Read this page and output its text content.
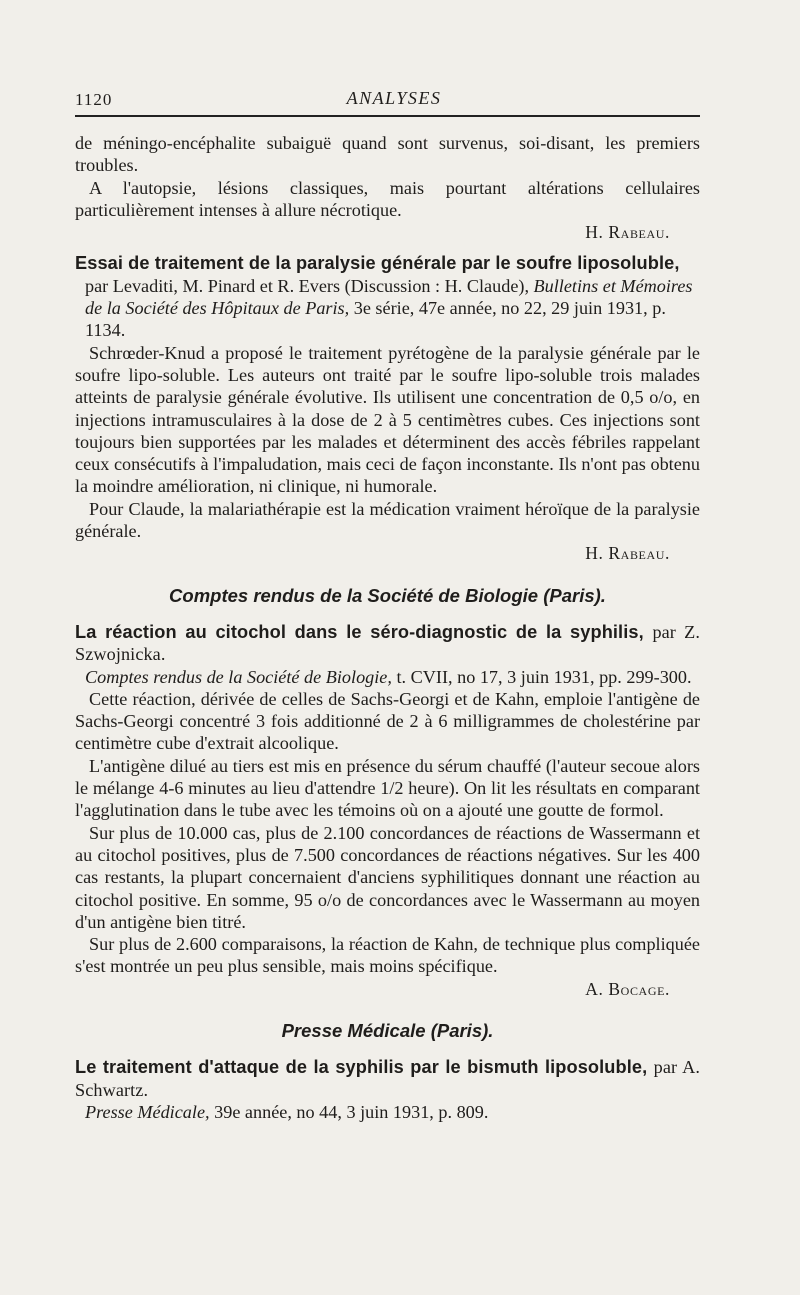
1120	ANALYSES

de méningo-encéphalite subaiguë quand sont survenus, soi-disant, les premiers troubles.

A l'autopsie, lésions classiques, mais pourtant altérations cellulaires particulièrement intenses à allure nécrotique.

H. Rabeau.

Essai de traitement de la paralysie générale par le soufre liposoluble,

par Levaditi, M. Pinard et R. Evers (Discussion : H. Claude), Bulletins et Mémoires de la Société des Hôpitaux de Paris, 3e série, 47e année, no 22, 29 juin 1931, p. 1134.

Schrœder-Knud a proposé le traitement pyrétogène de la paralysie générale par le soufre lipo-soluble. Les auteurs ont traité par le soufre lipo-soluble trois malades atteints de paralysie générale évolutive. Ils utilisent une concentration de 0,5 o/o, en injections intramusculaires à la dose de 2 à 5 centimètres cubes. Ces injections sont toujours bien supportées par les malades et déterminent des accès fébriles rappelant ceux consécutifs à l'impaludation, mais ceci de façon inconstante. Ils n'ont pas obtenu la moindre amélioration, ni clinique, ni humorale.

Pour Claude, la malariathérapie est la médication vraiment héroïque de la paralysie générale.

H. Rabeau.

Comptes rendus de la Société de Biologie (Paris).

La réaction au citochol dans le séro-diagnostic de la syphilis, par Z. Szwojnicka.

Comptes rendus de la Société de Biologie, t. CVII, no 17, 3 juin 1931, pp. 299-300.

Cette réaction, dérivée de celles de Sachs-Georgi et de Kahn, emploie l'antigène de Sachs-Georgi concentré 3 fois additionné de 2 à 6 milligrammes de cholestérine par centimètre cube d'extrait alcoolique.

L'antigène dilué au tiers est mis en présence du sérum chauffé (l'auteur secoue alors le mélange 4-6 minutes au lieu d'attendre 1/2 heure). On lit les résultats en comparant l'agglutination dans le tube avec les témoins où on a ajouté une goutte de formol.

Sur plus de 10.000 cas, plus de 2.100 concordances de réactions de Wassermann et au citochol positives, plus de 7.500 concordances de réactions négatives. Sur les 400 cas restants, la plupart concernaient d'anciens syphilitiques donnant une réaction au citochol positive. En somme, 95 o/o de concordances avec le Wassermann au moyen d'un antigène bien titré.

Sur plus de 2.600 comparaisons, la réaction de Kahn, de technique plus compliquée s'est montrée un peu plus sensible, mais moins spécifique.

A. Bocage.

Presse Médicale (Paris).

Le traitement d'attaque de la syphilis par le bismuth liposoluble, par A. Schwartz.

Presse Médicale, 39e année, no 44, 3 juin 1931, p. 809.
